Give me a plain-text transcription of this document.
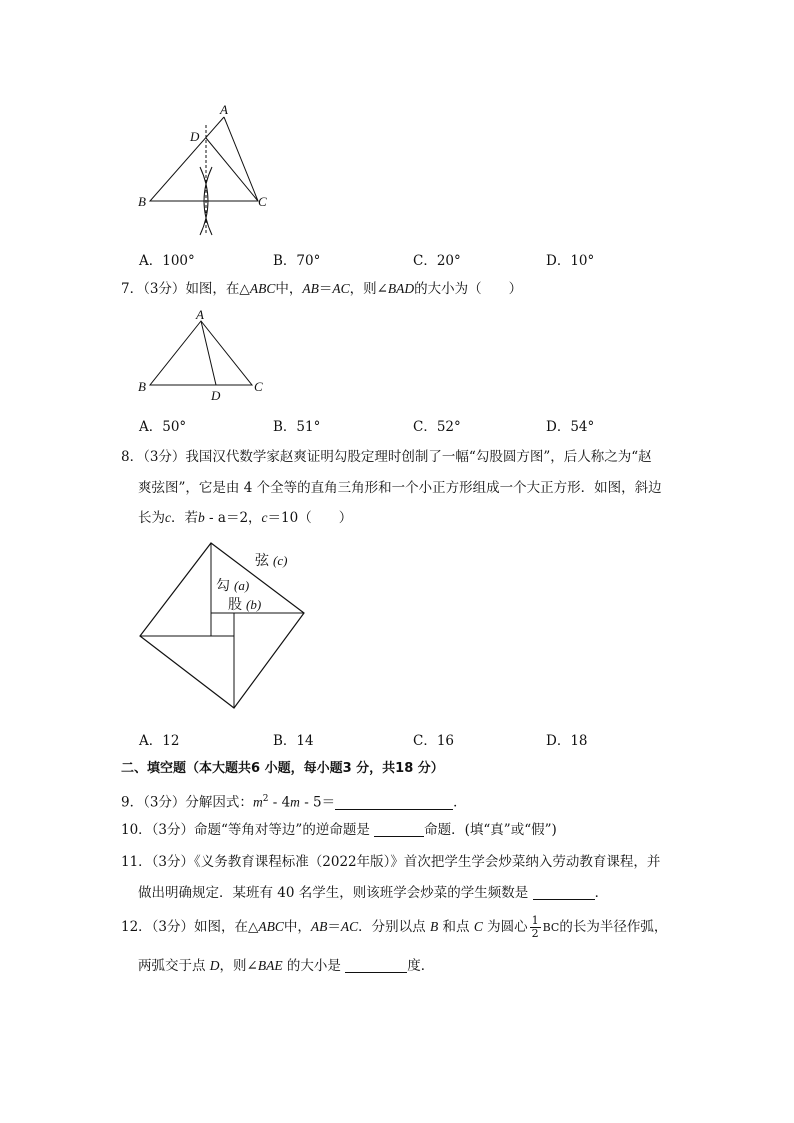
A
D
B	C
A．100°	B．70°	C．20°	D．10°
7．（3分）如图，在△ABC中，AB＝AC，则∠BAD的大小为（　　）
A
B	C
D
A．50°	B．51°	C．52°	D．54°
8．（3分）我国汉代数学家赵爽证明勾股定理时创制了一幅“勾股圆方图”，后人称之为“赵
爽弦图”，它是由 4 个全等的直角三角形和一个小正方形组成一个大正方形．如图，斜边
长为c．若b - a＝2，c＝10（　　）
弦 (c)
勾 (a)
股 (b)
A．12	B．14	C．16	D．18
二、填空题（本大题共6 小题，每小题3 分，共18 分）
9．（3分）分解因式：$m^2 - 4m - 5=$	．
10．（3分）命题“等角对等边”的逆命题是	命题．(填“真”或“假”)
11．（3分）《义务教育课程标准（2022年版）》首次把学生学会炒菜纳入劳动教育课程，并
做出明确规定．某班有 40 名学生，则该班学会炒菜的学生频数是	．
12．（3分）如图，在△ABC中，AB＝AC．分别以点 B 和点 C 为圆心 $\frac{1}{2}$ BC的长为半径作弧，
两弧交于点 D，则∠BAE 的大小是	度．
